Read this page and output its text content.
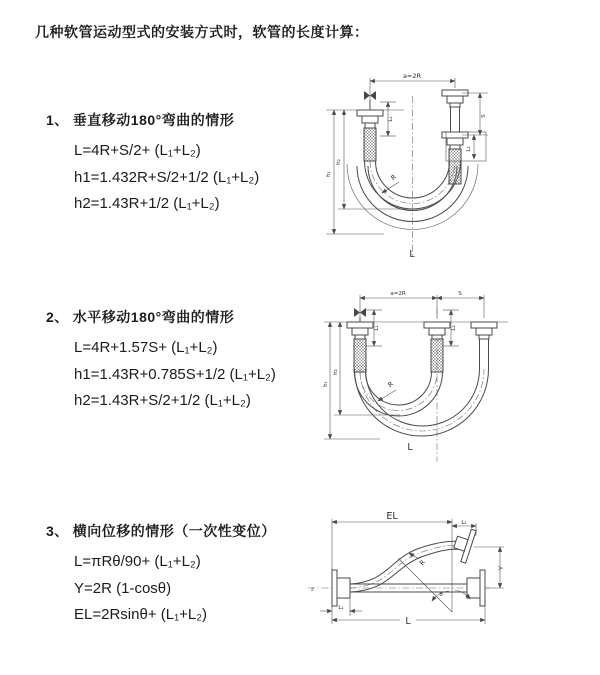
几种软管运动型式的安装方式时，软管的长度计算：
1、 垂直移动180°弯曲的情形
L=4R+S/2+ (L₁+L₂)
h1=1.432R+S/2+1/2 (L₁+L₂)
h2=1.43R+1/2 (L₁+L₂)
a=2R
S
L₂
L₁
h₁
h₂
R
L
2、 水平移动180°弯曲的情形
L=4R+1.57S+ (L₁+L₂)
h1=1.43R+0.785S+1/2 (L₁+L₂)
h2=1.43R+S/2+1/2 (L₁+L₂)
a=2R	S
L₁	L₂
h₁
h₂
R
L
3、 横向位移的情形（一次性变位）
L=πRθ/90+ (L₁+L₂)
Y=2R (1-cosθ)
EL=2Rsinθ+ (L₁+L₂)
z
EL
L₂
Y
θ
R
L₁
L
